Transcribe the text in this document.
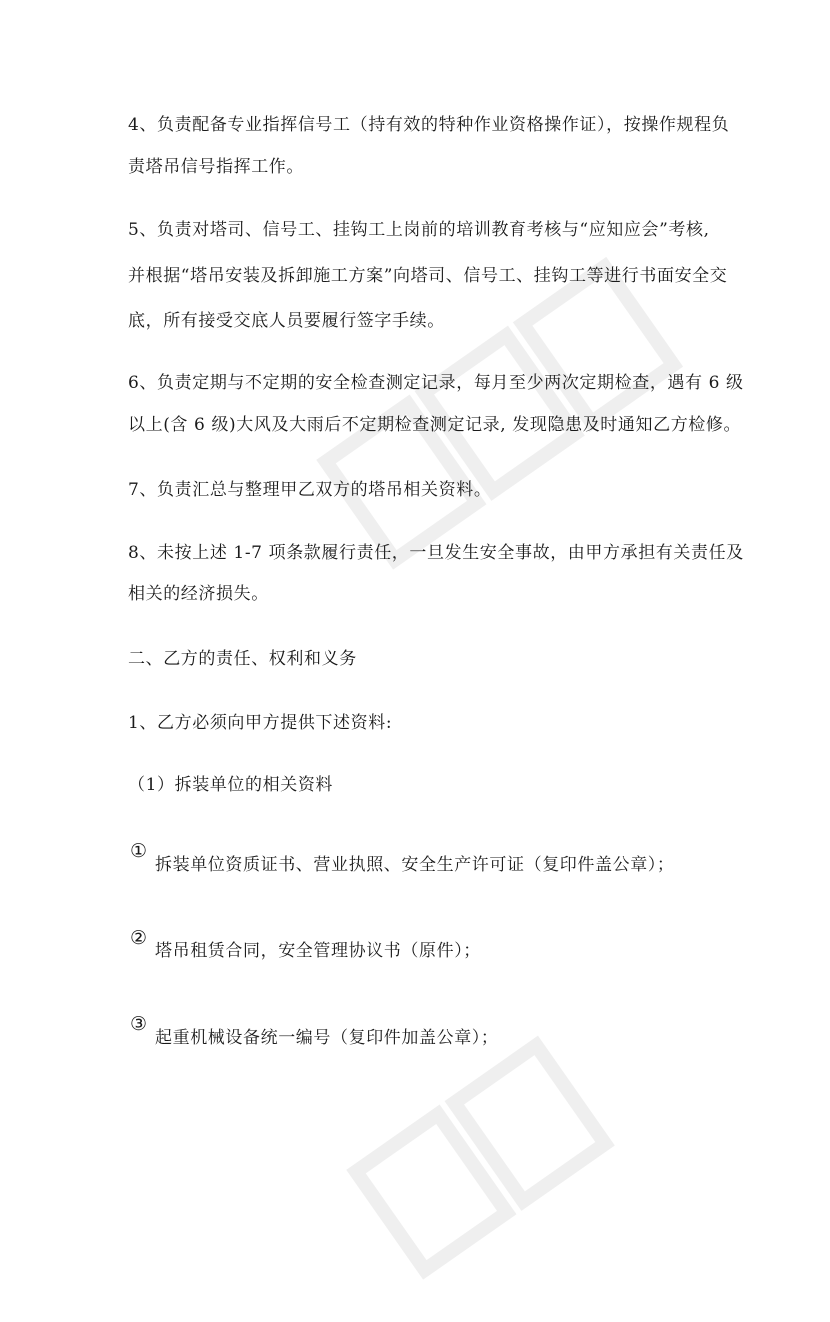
4、负责配备专业指挥信号工（持有效的特种作业资格操作证），按操作规程负
责塔吊信号指挥工作。
5、负责对塔司、信号工、挂钩工上岗前的培训教育考核与“应知应会”考核,
并根据“塔吊安装及拆卸施工方案”向塔司、信号工、挂钩工等进行书面安全交
底，所有接受交底人员要履行签字手续。
6、负责定期与不定期的安全检查测定记录，每月至少两次定期检查，遇有 6 级
以上(含 6 级)大风及大雨后不定期检查测定记录, 发现隐患及时通知乙方检修。
7、负责汇总与整理甲乙双方的塔吊相关资料。
8、未按上述 1-7 项条款履行责任，一旦发生安全事故，由甲方承担有关责任及
相关的经济损失。
二、乙方的责任、权利和义务
1、乙方必须向甲方提供下述资料:
（1）拆装单位的相关资料
①
拆装单位资质证书、营业执照、安全生产许可证（复印件盖公章）；
②
塔吊租赁合同，安全管理协议书（原件）；
③
起重机械设备统一编号（复印件加盖公章）；
